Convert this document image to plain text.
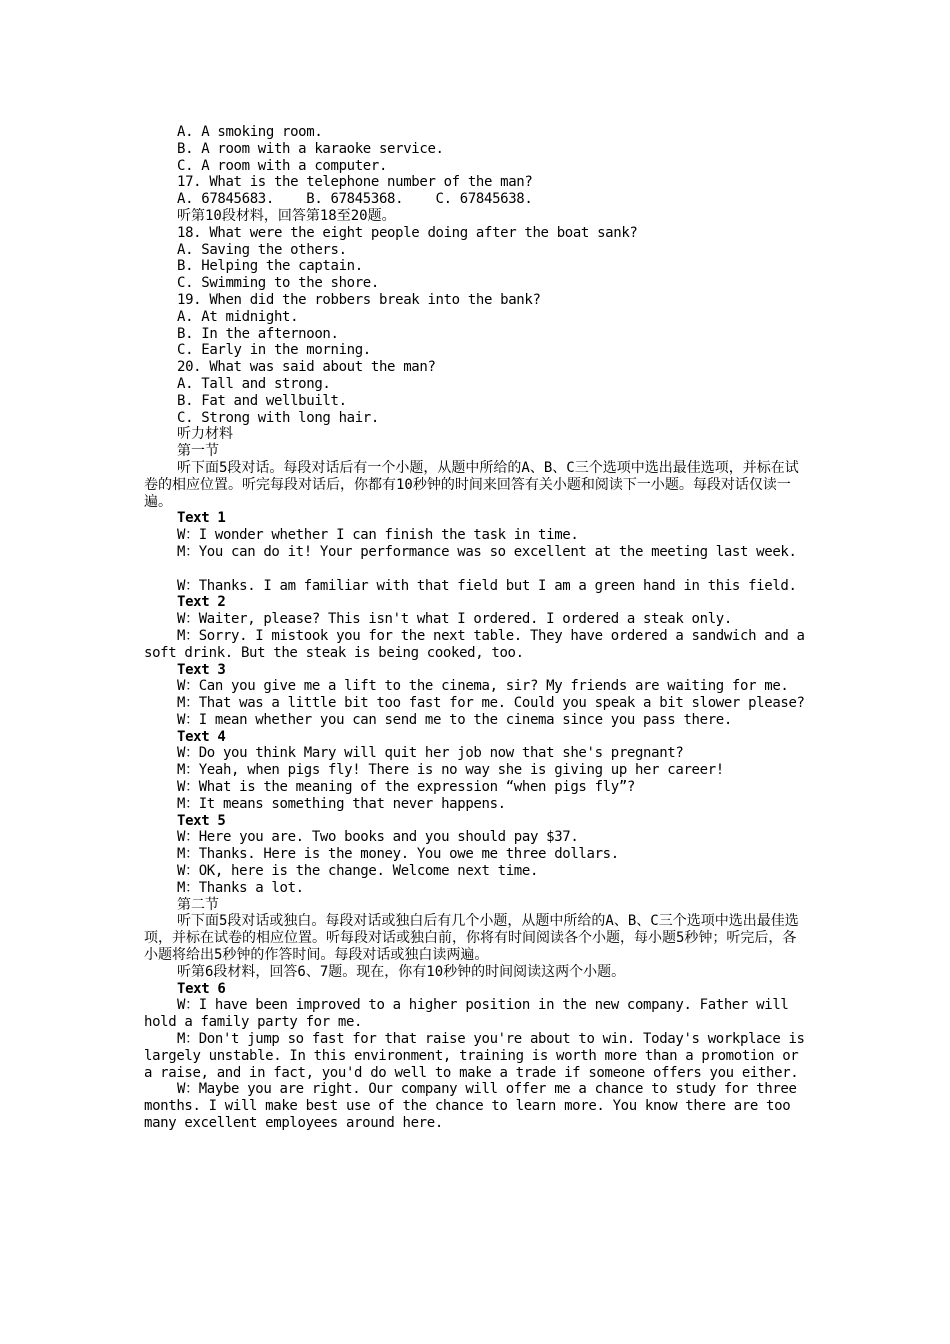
A. A smoking room.
B. A room with a karaoke service.
C. A room with a computer.
17. What is the telephone number of the man?
A. 67845683.    B. 67845368.    C. 67845638.
听第10段材料，回答第18至20题。
18. What were the eight people doing after the boat sank?
A. Saving the others.
B. Helping the captain.
C. Swimming to the shore.
19. When did the robbers break into the bank?
A. At midnight.
B. In the afternoon.
C. Early in the morning.
20. What was said about the man?
A. Tall and strong.
B. Fat and wellbuilt.
C. Strong with long hair.
听力材料
第一节
听下面5段对话。每段对话后有一个小题，从题中所给的A、B、C三个选项中选出最佳选项，并标在试卷的相应位置。听完每段对话后，你都有10秒钟的时间来回答有关小题和阅读下一小题。每段对话仅读一遍。
Text 1
W：I wonder whether I can finish the task in time.
M：You can do it! Your performance was so excellent at the meeting last week.
W：Thanks. I am familiar with that field but I am a green hand in this field.
Text 2
W：Waiter, please? This isn't what I ordered. I ordered a steak only.
M：Sorry. I mistook you for the next table. They have ordered a sandwich and a soft drink. But the steak is being cooked, too.
Text 3
W：Can you give me a lift to the cinema, sir? My friends are waiting for me.
M：That was a little bit too fast for me. Could you speak a bit slower please?
W：I mean whether you can send me to the cinema since you pass there.
Text 4
W：Do you think Mary will quit her job now that she's pregnant?
M：Yeah, when pigs fly! There is no way she is giving up her career!
W：What is the meaning of the expression “when pigs fly”?
M：It means something that never happens.
Text 5
W：Here you are. Two books and you should pay $37.
M：Thanks. Here is the money. You owe me three dollars.
W：OK, here is the change. Welcome next time.
M：Thanks a lot.
第二节
听下面5段对话或独白。每段对话或独白后有几个小题，从题中所给的A、B、C三个选项中选出最佳选项，并标在试卷的相应位置。听每段对话或独白前，你将有时间阅读各个小题，每小题5秒钟；听完后，各小题将给出5秒钟的作答时间。每段对话或独白读两遍。
听第6段材料，回答6、7题。现在，你有10秒钟的时间阅读这两个小题。
Text 6
W：I have been improved to a higher position in the new company. Father will hold a family party for me.
M：Don't jump so fast for that raise you're about to win. Today's workplace is largely unstable. In this environment, training is worth more than a promotion or a raise, and in fact, you'd do well to make a trade if someone offers you either.
W：Maybe you are right. Our company will offer me a chance to study for three months. I will make best use of the chance to learn more. You know there are too many excellent employees around here.
